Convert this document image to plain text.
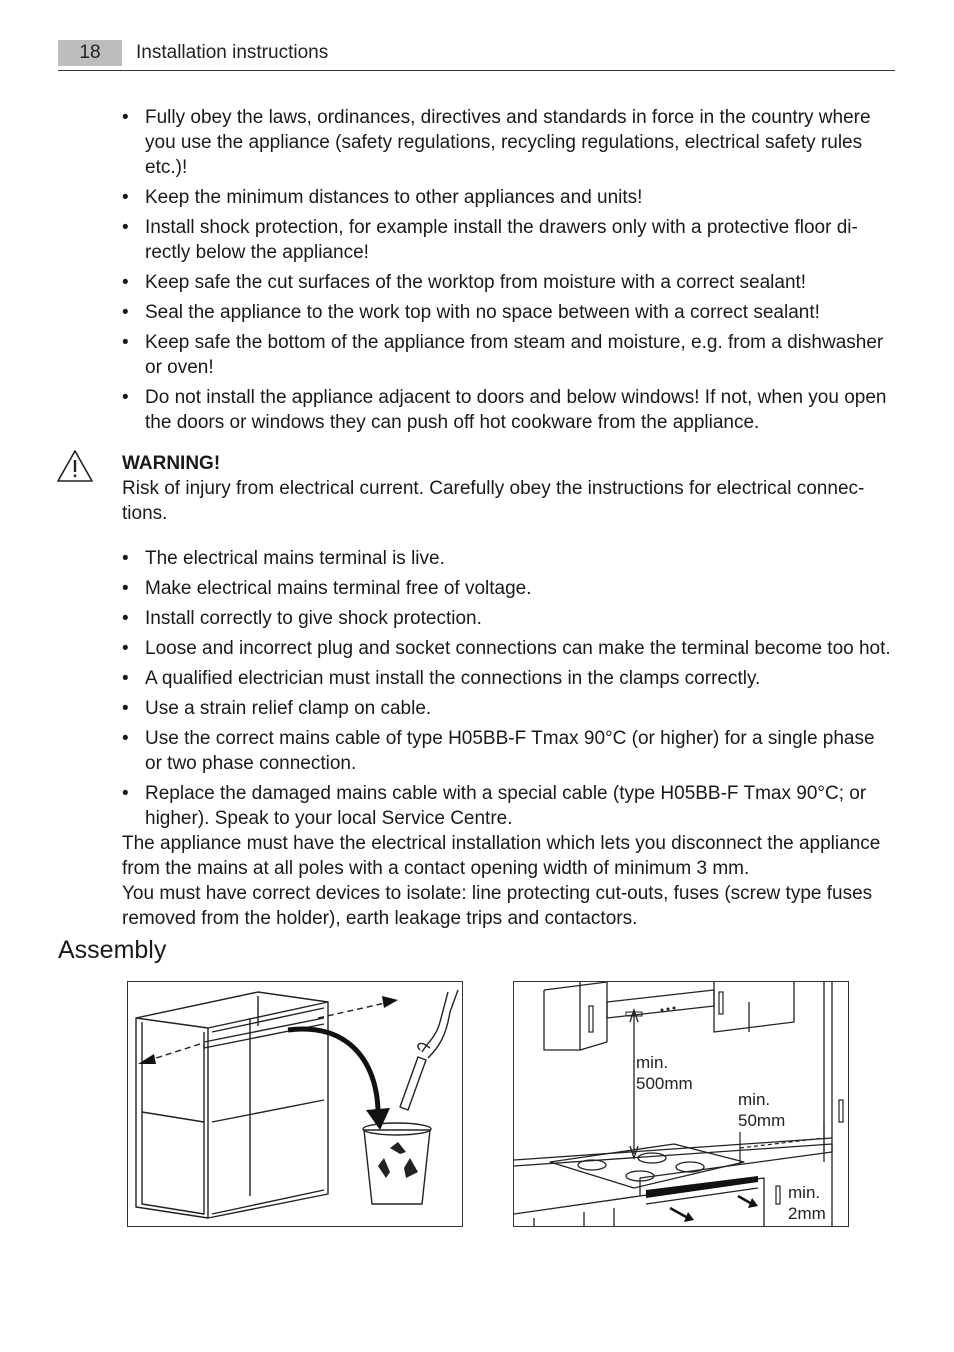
18	Installation instructions
• Fully obey the laws, ordinances, directives and standards in force in the country where you use the appliance (safety regulations, recycling regulations, electrical safety rules etc.)!
• Keep the minimum distances to other appliances and units!
• Install shock protection, for example install the drawers only with a protective floor di-rectly below the appliance!
• Keep safe the cut surfaces of the worktop from moisture with a correct sealant!
• Seal the appliance to the work top with no space between with a correct sealant!
• Keep safe the bottom of the appliance from steam and moisture, e.g. from a dishwasher or oven!
• Do not install the appliance adjacent to doors and below windows! If not, when you open the doors or windows they can push off hot cookware from the appliance.
WARNING!
Risk of injury from electrical current. Carefully obey the instructions for electrical connec-tions.
• The electrical mains terminal is live.
• Make electrical mains terminal free of voltage.
• Install correctly to give shock protection.
• Loose and incorrect plug and socket connections can make the terminal become too hot.
• A qualified electrician must install the connections in the clamps correctly.
• Use a strain relief clamp on cable.
• Use the correct mains cable of type H05BB-F Tmax 90°C (or higher) for a single phase or two phase connection.
• Replace the damaged mains cable with a special cable (type H05BB-F Tmax 90°C; or higher). Speak to your local Service Centre.

The appliance must have the electrical installation which lets you disconnect the appliance from the mains at all poles with a contact opening width of minimum 3 mm.

You must have correct devices to isolate: line protecting cut-outs, fuses (screw type fuses removed from the holder), earth leakage trips and contactors.

Assembly
min.
500mm
min.
50mm
min.
2mm
